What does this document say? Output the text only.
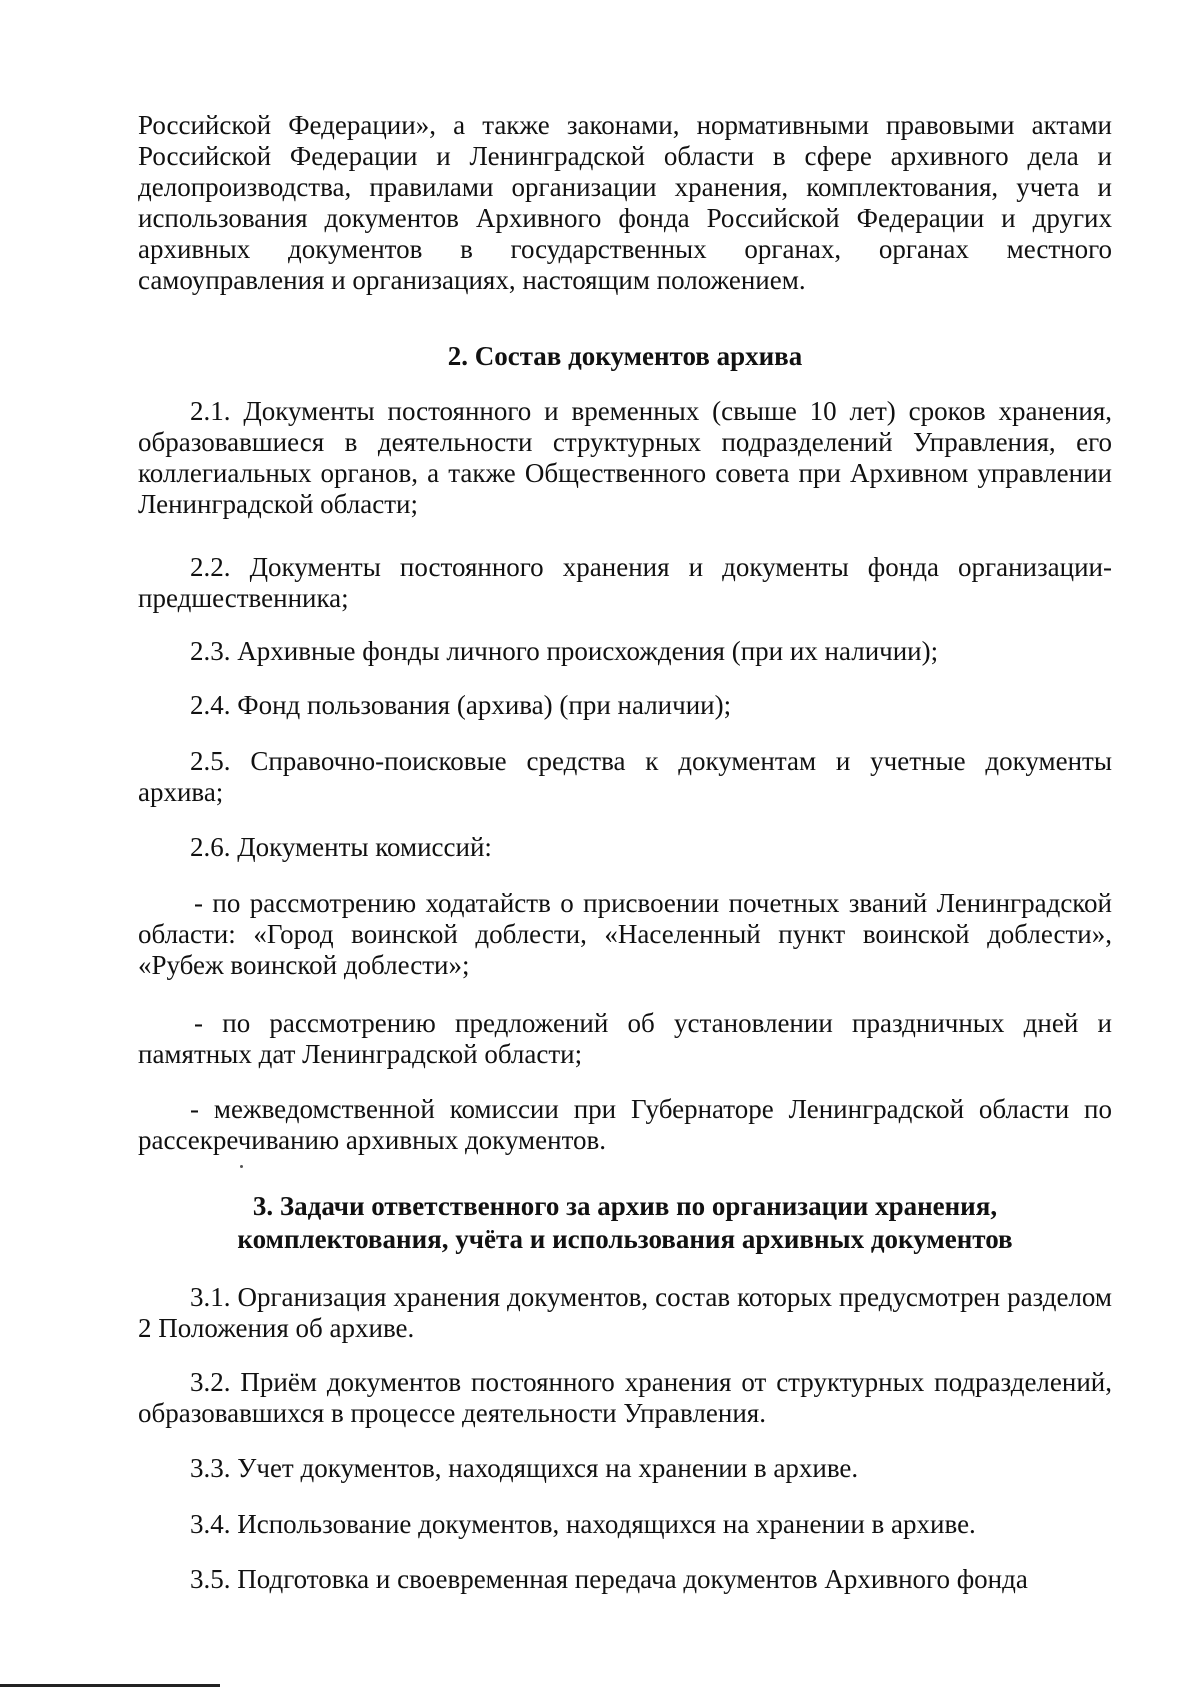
Российской Федерации», а также законами, нормативными правовыми актами Российской Федерации и Ленинградской области в сфере архивного дела и делопроизводства, правилами организации хранения, комплектования, учета и использования документов Архивного фонда Российской Федерации и других архивных документов в государственных органах, органах местного самоуправления и организациях, настоящим положением.
2. Состав документов архива
2.1. Документы постоянного и временных (свыше 10 лет) сроков хранения, образовавшиеся в деятельности структурных подразделений Управления, его коллегиальных органов, а также Общественного совета при Архивном управлении Ленинградской области;
2.2. Документы постоянного хранения и документы фонда организации-предшественника;
2.3. Архивные фонды личного происхождения (при их наличии);
2.4. Фонд пользования (архива) (при наличии);
2.5. Справочно-поисковые средства к документам и учетные документы архива;
2.6. Документы комиссий:
- по рассмотрению ходатайств о присвоении почетных званий Ленинградской области: «Город воинской доблести, «Населенный пункт воинской доблести», «Рубеж воинской доблести»;
- по рассмотрению предложений об установлении праздничных дней и памятных дат Ленинградской области;
- межведомственной комиссии при Губернаторе Ленинградской области по рассекречиванию архивных документов.
3. Задачи ответственного за архив по организации хранения,
комплектования, учёта и использования архивных документов
3.1. Организация хранения документов, состав которых предусмотрен разделом 2 Положения об архиве.
3.2. Приём документов постоянного хранения от структурных подразделений, образовавшихся в процессе деятельности Управления.
3.3. Учет документов, находящихся на хранении в архиве.
3.4. Использование документов, находящихся на хранении в архиве.
3.5. Подготовка и своевременная передача документов Архивного фонда
